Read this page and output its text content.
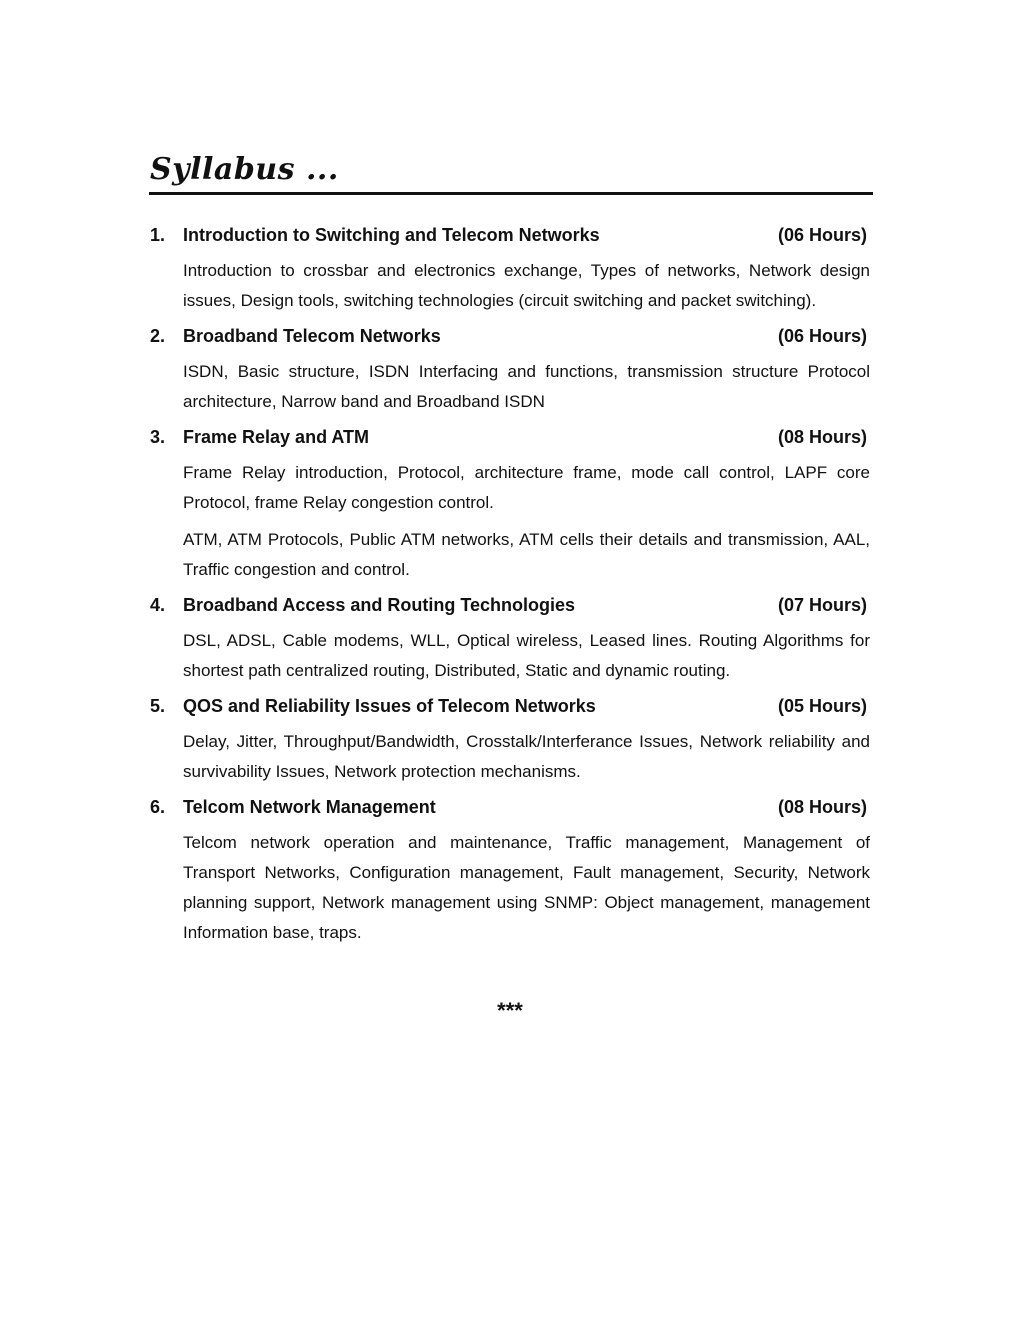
Syllabus ...
1. Introduction to Switching and Telecom Networks	(06 Hours)

Introduction to crossbar and electronics exchange, Types of networks, Network design issues, Design tools, switching technologies (circuit switching and packet switching).

2. Broadband Telecom Networks	(06 Hours)

ISDN, Basic structure, ISDN Interfacing and functions, transmission structure Protocol architecture, Narrow band and Broadband ISDN

3. Frame Relay and ATM	(08 Hours)

Frame Relay introduction, Protocol, architecture frame, mode call control, LAPF core Protocol, frame Relay congestion control.

ATM, ATM Protocols, Public ATM networks, ATM cells their details and transmission, AAL, Traffic congestion and control.

4. Broadband Access and Routing Technologies	(07 Hours)

DSL, ADSL, Cable modems, WLL, Optical wireless, Leased lines. Routing Algorithms for shortest path centralized routing, Distributed, Static and dynamic routing.

5. QOS and Reliability Issues of Telecom Networks	(05 Hours)

Delay, Jitter, Throughput/Bandwidth, Crosstalk/Interferance Issues, Network reliability and survivability Issues, Network protection mechanisms.

6. Telcom Network Management	(08 Hours)

Telcom network operation and maintenance, Traffic management, Management of Transport Networks, Configuration management, Fault management, Security, Network planning support, Network management using SNMP: Object management, management Information base, traps.

***
